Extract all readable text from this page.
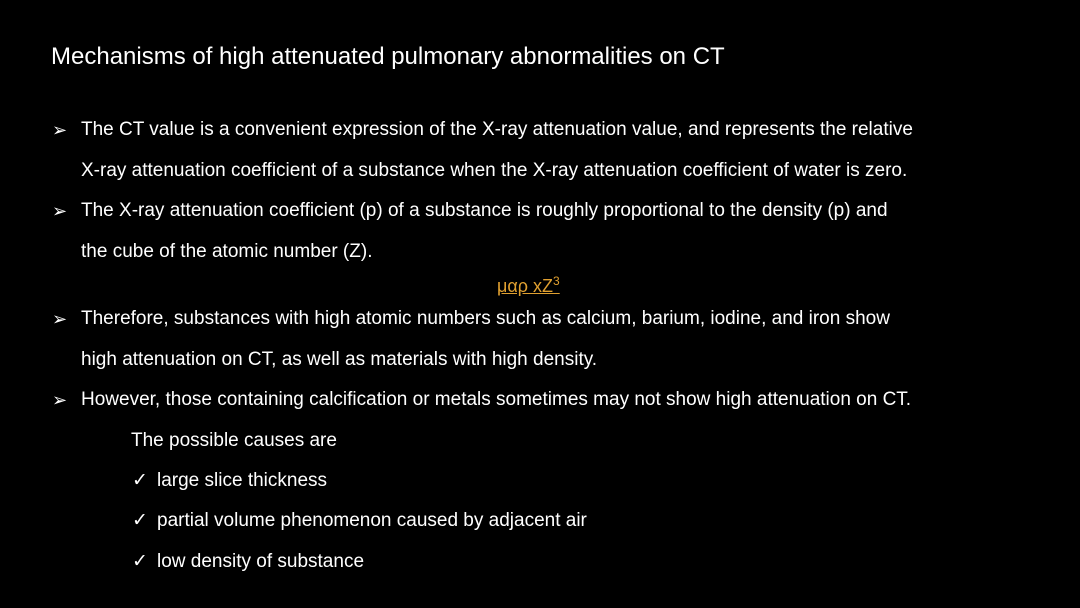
Mechanisms of high attenuated pulmonary abnormalities on CT
➢ The CT value is a convenient expression of the X-ray attenuation value, and represents the relative
X-ray attenuation coefficient of a substance when the X-ray attenuation coefficient of water is zero.
➢ The X-ray attenuation coefficient (p) of a substance is roughly proportional to the density (p) and
the cube of the atomic number (Z).
μαρ $xZ^3$
➢ Therefore, substances with high atomic numbers such as calcium, barium, iodine, and iron show
high attenuation on CT, as well as materials with high density.
➢ However, those containing calcification or metals sometimes may not show high attenuation on CT.
The possible causes are
✓ large slice thickness
✓ partial volume phenomenon caused by adjacent air
✓ low density of substance
